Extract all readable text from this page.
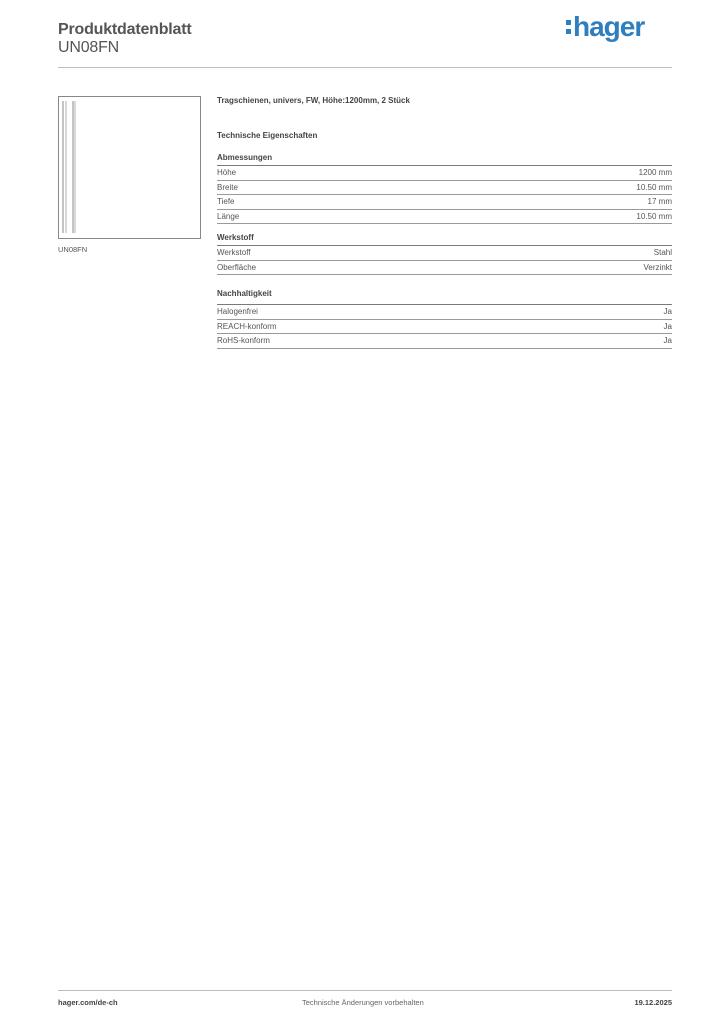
Produktdatenblatt
UN08FN
hager
UN08FN
Tragschienen, univers, FW, Höhe:1200mm, 2 Stück
Technische Eigenschaften
Abmessungen
Höhe	1200 mm
Breite	10.50 mm
Tiefe	17 mm
Länge	10.50 mm
Werkstoff
Werkstoff	Stahl
Oberfläche	Verzinkt
Nachhaltigkeit
Halogenfrei	Ja
REACH-konform	Ja
RoHS-konform	Ja
hager.com/de-ch	Technische Änderungen vorbehalten	19.12.2025
